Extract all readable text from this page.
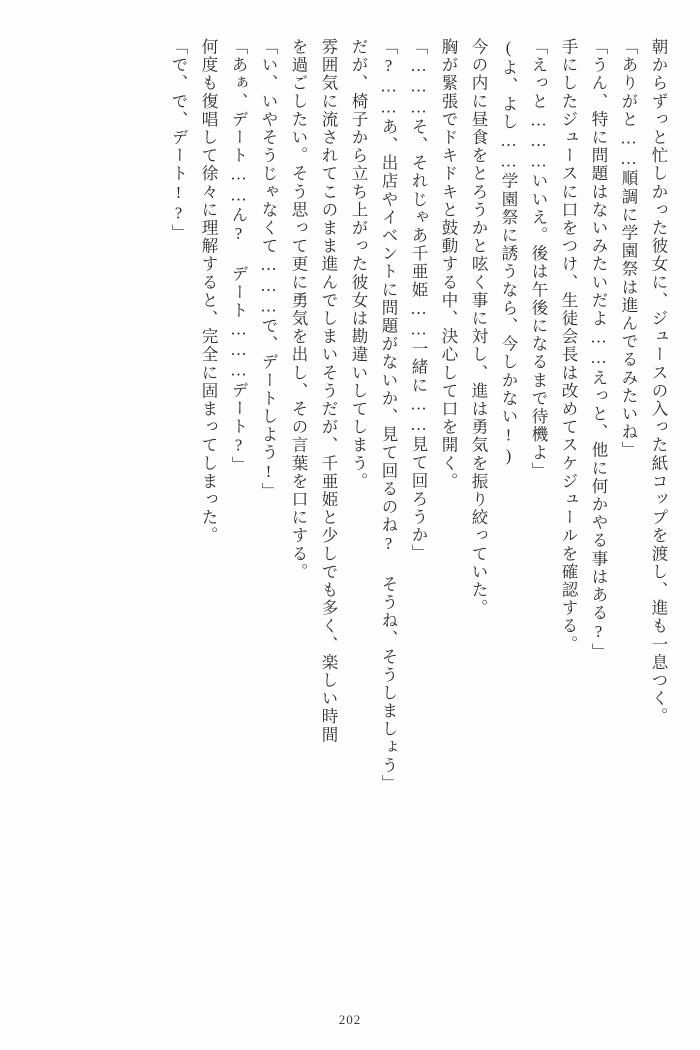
朝からずっと忙しかった彼女に、ジュースの入った紙コップを渡し、進も一息つく。
「ありがと……順調に学園祭は進んでるみたいね」
「うん、特に問題はないみたいだよ……えっと、他に何かやる事はある?」
手にしたジュースに口をつけ、生徒会長は改めてスケジュールを確認する。
「えっと………いいえ。後は午後になるまで待機よ」
(よ、よし……学園祭に誘うなら、今しかない!)
今の内に昼食をとろうかと呟く事に対し、進は勇気を振り絞っていた。
胸が緊張でドキドキと鼓動する中、決心して口を開く。
「………そ、それじゃあ千亜姫……一緒に……見て回ろうか」
「?……あ、出店やイベントに問題がないか、見て回るのね? そうね、そうしましょう」
だが、椅子から立ち上がった彼女は勘違いしてしまう。
雰囲気に流されてこのまま進んでしまいそうだが、千亜姫と少しでも多く、楽しい時間
を過ごしたい。そう思って更に勇気を出し、その言葉を口にする。
「い、いやそうじゃなくて………で、デートしよう!」
「あぁ、デート……ん? デート………デート?」
何度も復唱して徐々に理解すると、完全に固まってしまった。
「で、で、デート!?」
202
